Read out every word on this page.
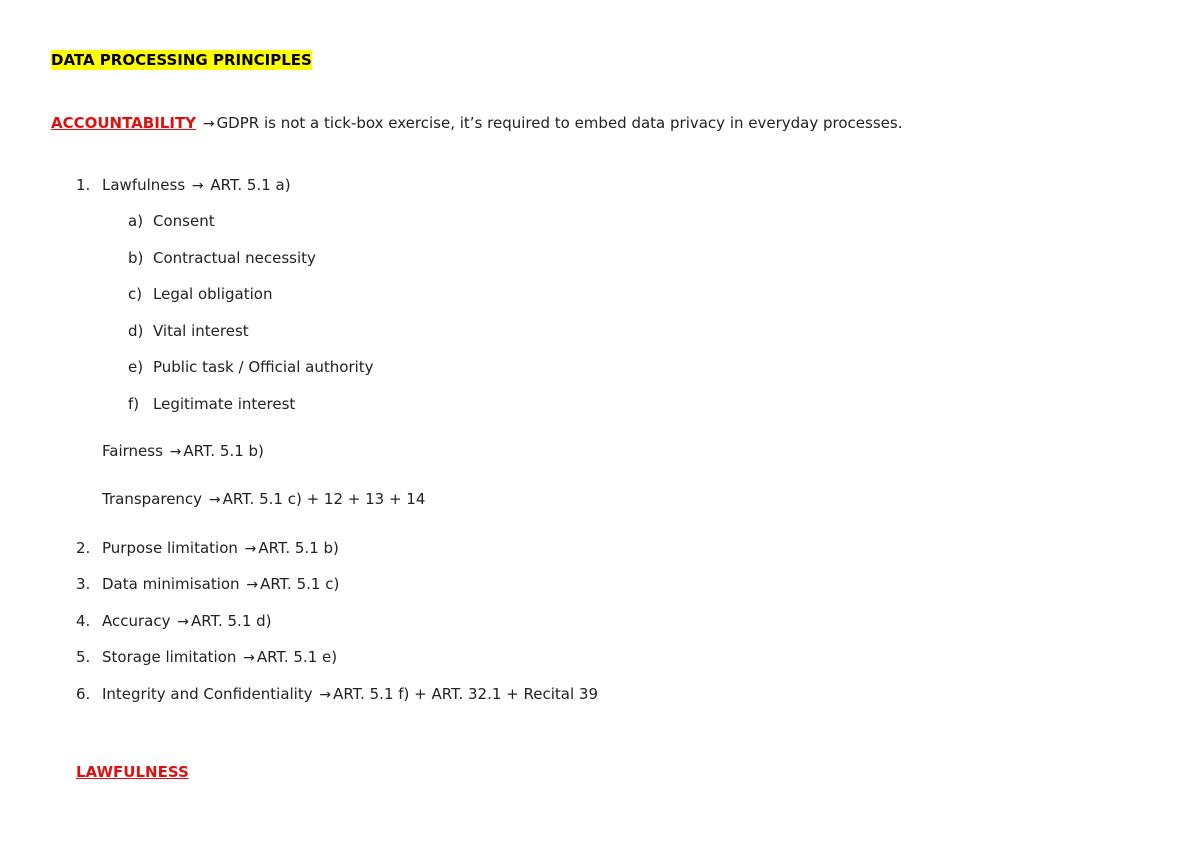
DATA PROCESSING PRINCIPLES
ACCOUNTABILITY → GDPR is not a tick-box exercise, it’s required to embed data privacy in everyday processes.
1. Lawfulness → ART. 5.1 a)
a) Consent
b) Contractual necessity
c) Legal obligation
d) Vital interest
e) Public task / Official authority
f) Legitimate interest
Fairness → ART. 5.1 b)
Transparency → ART. 5.1 c) + 12 + 13 + 14
2. Purpose limitation → ART. 5.1 b)
3. Data minimisation → ART. 5.1 c)
4. Accuracy → ART. 5.1 d)
5. Storage limitation → ART. 5.1 e)
6. Integrity and Confidentiality → ART. 5.1 f) + ART. 32.1 + Recital 39
LAWFULNESS
